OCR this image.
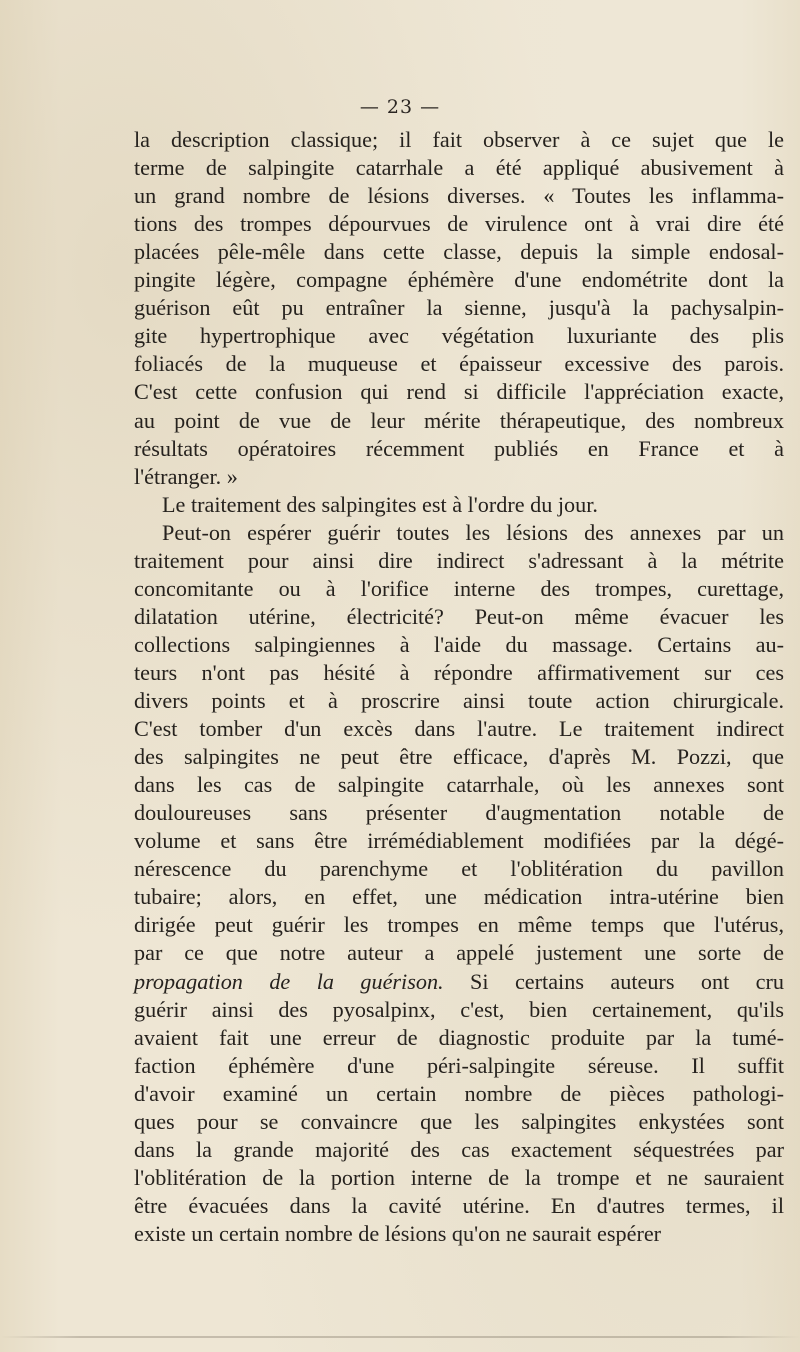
— 23 —
la description classique; il fait observer à ce sujet que le
terme de salpingite catarrhale a été appliqué abusivement à
un grand nombre de lésions diverses. « Toutes les inflamma-
tions des trompes dépourvues de virulence ont à vrai dire été
placées pêle-mêle dans cette classe, depuis la simple endosal-
pingite légère, compagne éphémère d'une endométrite dont la
guérison eût pu entraîner la sienne, jusqu'à la pachysalpin-
gite hypertrophique avec végétation luxuriante des plis
foliacés de la muqueuse et épaisseur excessive des parois.
C'est cette confusion qui rend si difficile l'appréciation exacte,
au point de vue de leur mérite thérapeutique, des nombreux
résultats opératoires récemment publiés en France et à
l'étranger. »
Le traitement des salpingites est à l'ordre du jour.
Peut-on espérer guérir toutes les lésions des annexes par un
traitement pour ainsi dire indirect s'adressant à la métrite
concomitante ou à l'orifice interne des trompes, curettage,
dilatation utérine, électricité? Peut-on même évacuer les
collections salpingiennes à l'aide du massage. Certains au-
teurs n'ont pas hésité à répondre affirmativement sur ces
divers points et à proscrire ainsi toute action chirurgicale.
C'est tomber d'un excès dans l'autre. Le traitement indirect
des salpingites ne peut être efficace, d'après M. Pozzi, que
dans les cas de salpingite catarrhale, où les annexes sont
douloureuses sans présenter d'augmentation notable de
volume et sans être irrémédiablement modifiées par la dégé-
nérescence du parenchyme et l'oblitération du pavillon
tubaire; alors, en effet, une médication intra-utérine bien
dirigée peut guérir les trompes en même temps que l'utérus,
par ce que notre auteur a appelé justement une sorte de
propagation de la guérison. Si certains auteurs ont cru
guérir ainsi des pyosalpinx, c'est, bien certainement, qu'ils
avaient fait une erreur de diagnostic produite par la tumé-
faction éphémère d'une péri-salpingite séreuse. Il suffit
d'avoir examiné un certain nombre de pièces pathologi-
ques pour se convaincre que les salpingites enkystées sont
dans la grande majorité des cas exactement séquestrées par
l'oblitération de la portion interne de la trompe et ne sauraient
être évacuées dans la cavité utérine. En d'autres termes, il
existe un certain nombre de lésions qu'on ne saurait espérer
